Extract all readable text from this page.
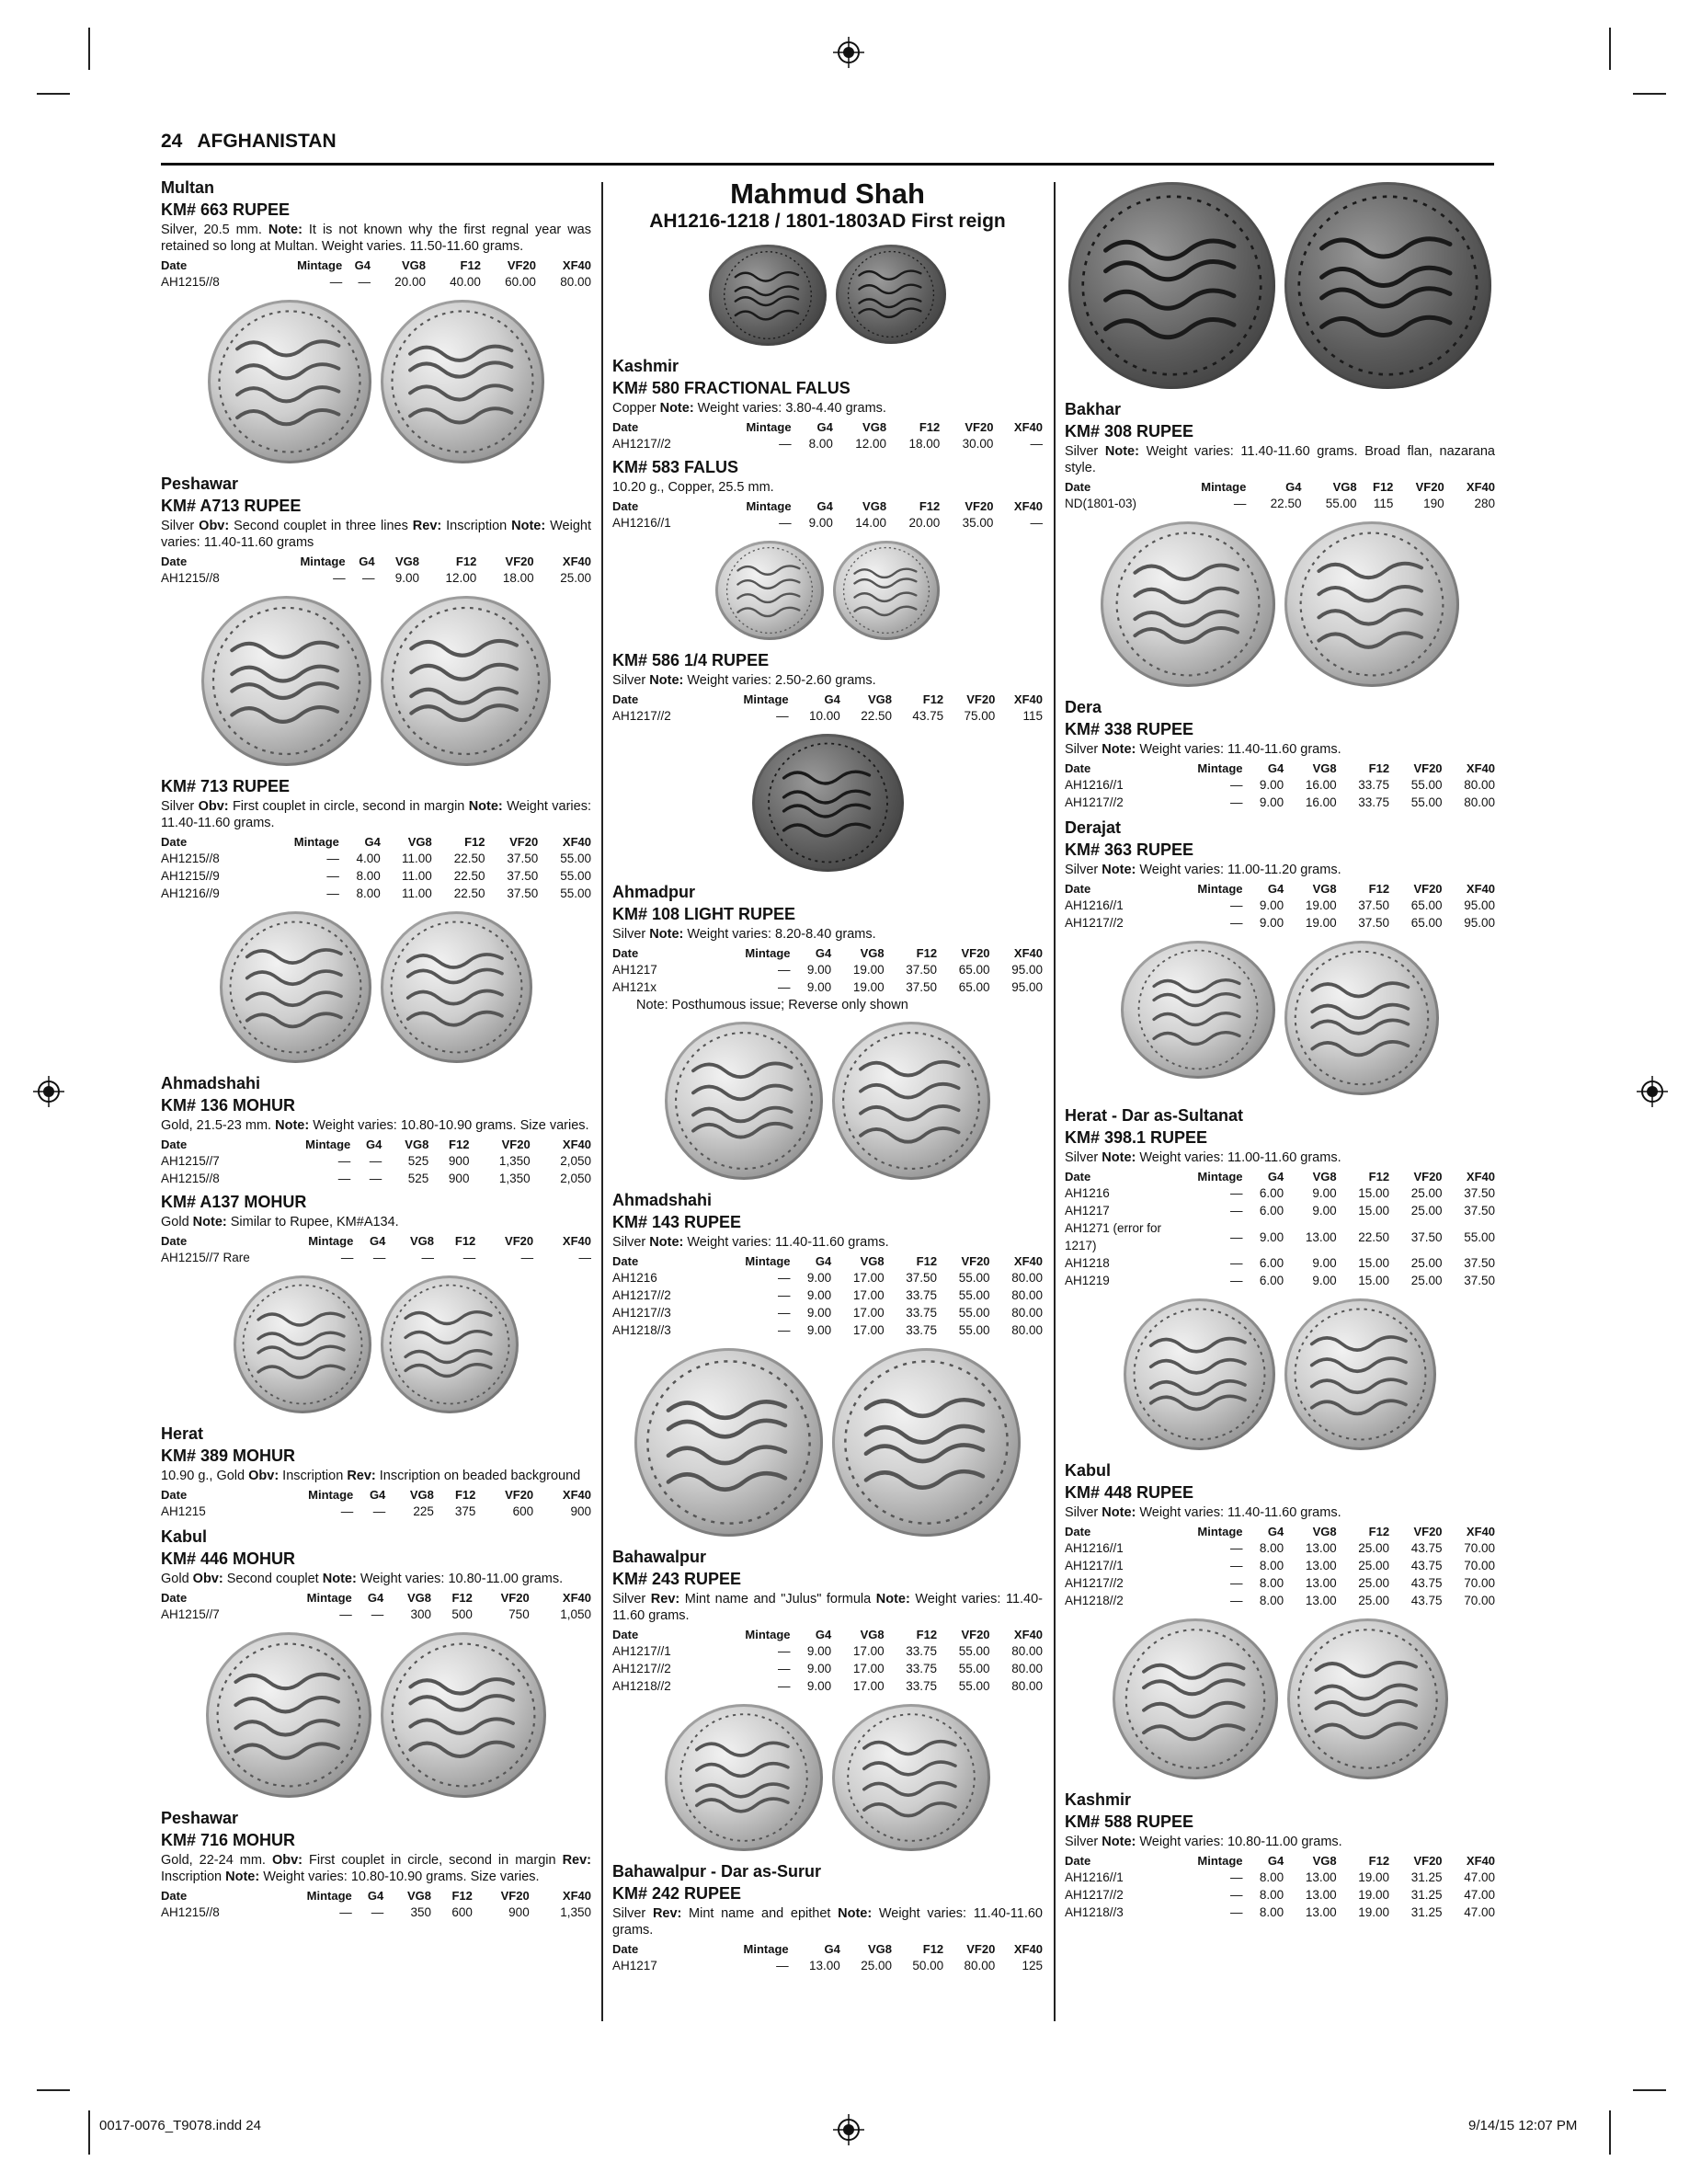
24 AFGHANISTAN
Multan
KM# 663 RUPEE
Silver, 20.5 mm. Note: It is not known why the first regnal year was retained so long at Multan. Weight varies. 11.50-11.60 grams.
Date	Mintage	G4	VG8	F12	VF20	XF40
AH1215//8	—	—	20.00	40.00	60.00	80.00
Peshawar
KM# A713 RUPEE
Silver Obv: Second couplet in three lines Rev: Inscription Note: Weight varies: 11.40-11.60 grams
Date	Mintage	G4	VG8	F12	VF20	XF40
AH1215//8	—	—	9.00	12.00	18.00	25.00
KM# 713 RUPEE
Silver Obv: First couplet in circle, second in margin Note: Weight varies: 11.40-11.60 grams.
Date	Mintage	G4	VG8	F12	VF20	XF40
AH1215//8	—	4.00	11.00	22.50	37.50	55.00
AH1215//9	—	8.00	11.00	22.50	37.50	55.00
AH1216//9	—	8.00	11.00	22.50	37.50	55.00
Ahmadshahi
KM# 136 MOHUR
Gold, 21.5-23 mm. Note: Weight varies: 10.80-10.90 grams. Size varies.
Date	Mintage	G4	VG8	F12	VF20	XF40
AH1215//7	—	—	525	900	1,350	2,050
AH1215//8	—	—	525	900	1,350	2,050
KM# A137 MOHUR
Gold Note: Similar to Rupee, KM#A134.
Date	Mintage	G4	VG8	F12	VF20	XF40
AH1215//7 Rare	—	—	—	—	—	—
Herat
KM# 389 MOHUR
10.90 g., Gold Obv: Inscription Rev: Inscription on beaded background
Date	Mintage	G4	VG8	F12	VF20	XF40
AH1215	—	—	225	375	600	900
Kabul
KM# 446 MOHUR
Gold Obv: Second couplet Note: Weight varies: 10.80-11.00 grams.
Date	Mintage	G4	VG8	F12	VF20	XF40
AH1215//7	—	—	300	500	750	1,050
Peshawar
KM# 716 MOHUR
Gold, 22-24 mm. Obv: First couplet in circle, second in margin Rev: Inscription Note: Weight varies: 10.80-10.90 grams. Size varies.
Date	Mintage	G4	VG8	F12	VF20	XF40
AH1215//8	—	—	350	600	900	1,350
Mahmud Shah
AH1216-1218 / 1801-1803AD First reign
Kashmir
KM# 580 FRACTIONAL FALUS
Copper Note: Weight varies: 3.80-4.40 grams.
Date	Mintage	G4	VG8	F12	VF20	XF40
AH1217//2	—	8.00	12.00	18.00	30.00	—
KM# 583 FALUS
10.20 g., Copper, 25.5 mm.
Date	Mintage	G4	VG8	F12	VF20	XF40
AH1216//1	—	9.00	14.00	20.00	35.00	—
KM# 586 1/4 RUPEE
Silver Note: Weight varies: 2.50-2.60 grams.
Date	Mintage	G4	VG8	F12	VF20	XF40
AH1217//2	—	10.00	22.50	43.75	75.00	115
Ahmadpur
KM# 108 LIGHT RUPEE
Silver Note: Weight varies: 8.20-8.40 grams.
Date	Mintage	G4	VG8	F12	VF20	XF40
AH1217	—	9.00	19.00	37.50	65.00	95.00
AH121x	—	9.00	19.00	37.50	65.00	95.00
Note: Posthumous issue; Reverse only shown
Ahmadshahi
KM# 143 RUPEE
Silver Note: Weight varies: 11.40-11.60 grams.
Date	Mintage	G4	VG8	F12	VF20	XF40
AH1216	—	9.00	17.00	37.50	55.00	80.00
AH1217//2	—	9.00	17.00	33.75	55.00	80.00
AH1217//3	—	9.00	17.00	33.75	55.00	80.00
AH1218//3	—	9.00	17.00	33.75	55.00	80.00
Bahawalpur
KM# 243 RUPEE
Silver Rev: Mint name and "Julus" formula Note: Weight varies: 11.40-11.60 grams.
Date	Mintage	G4	VG8	F12	VF20	XF40
AH1217//1	—	9.00	17.00	33.75	55.00	80.00
AH1217//2	—	9.00	17.00	33.75	55.00	80.00
AH1218//2	—	9.00	17.00	33.75	55.00	80.00
Bahawalpur - Dar as-Surur
KM# 242 RUPEE
Silver Rev: Mint name and epithet Note: Weight varies: 11.40-11.60 grams.
Date	Mintage	G4	VG8	F12	VF20	XF40
AH1217	—	13.00	25.00	50.00	80.00	125
Bakhar
KM# 308 RUPEE
Silver Note: Weight varies: 11.40-11.60 grams. Broad flan, nazarana style.
Date	Mintage	G4	VG8	F12	VF20	XF40
ND(1801-03)	—	22.50	55.00	115	190	280
Dera
KM# 338 RUPEE
Silver Note: Weight varies: 11.40-11.60 grams.
Date	Mintage	G4	VG8	F12	VF20	XF40
AH1216//1	—	9.00	16.00	33.75	55.00	80.00
AH1217//2	—	9.00	16.00	33.75	55.00	80.00
Derajat
KM# 363 RUPEE
Silver Note: Weight varies: 11.00-11.20 grams.
Date	Mintage	G4	VG8	F12	VF20	XF40
AH1216//1	—	9.00	19.00	37.50	65.00	95.00
AH1217//2	—	9.00	19.00	37.50	65.00	95.00
Herat - Dar as-Sultanat
KM# 398.1 RUPEE
Silver Note: Weight varies: 11.00-11.60 grams.
Date	Mintage	G4	VG8	F12	VF20	XF40
AH1216	—	6.00	9.00	15.00	25.00	37.50
AH1217	—	6.00	9.00	15.00	25.00	37.50
AH1271 (error for 1217)	—	9.00	13.00	22.50	37.50	55.00
AH1218	—	6.00	9.00	15.00	25.00	37.50
AH1219	—	6.00	9.00	15.00	25.00	37.50
Kabul
KM# 448 RUPEE
Silver Note: Weight varies: 11.40-11.60 grams.
Date	Mintage	G4	VG8	F12	VF20	XF40
AH1216//1	—	8.00	13.00	25.00	43.75	70.00
AH1217//1	—	8.00	13.00	25.00	43.75	70.00
AH1217//2	—	8.00	13.00	25.00	43.75	70.00
AH1218//2	—	8.00	13.00	25.00	43.75	70.00
Kashmir
KM# 588 RUPEE
Silver Note: Weight varies: 10.80-11.00 grams.
Date	Mintage	G4	VG8	F12	VF20	XF40
AH1216//1	—	8.00	13.00	19.00	31.25	47.00
AH1217//2	—	8.00	13.00	19.00	31.25	47.00
AH1218//3	—	8.00	13.00	19.00	31.25	47.00
0017-0076_T9078.indd 24	9/14/15 12:07 PM
